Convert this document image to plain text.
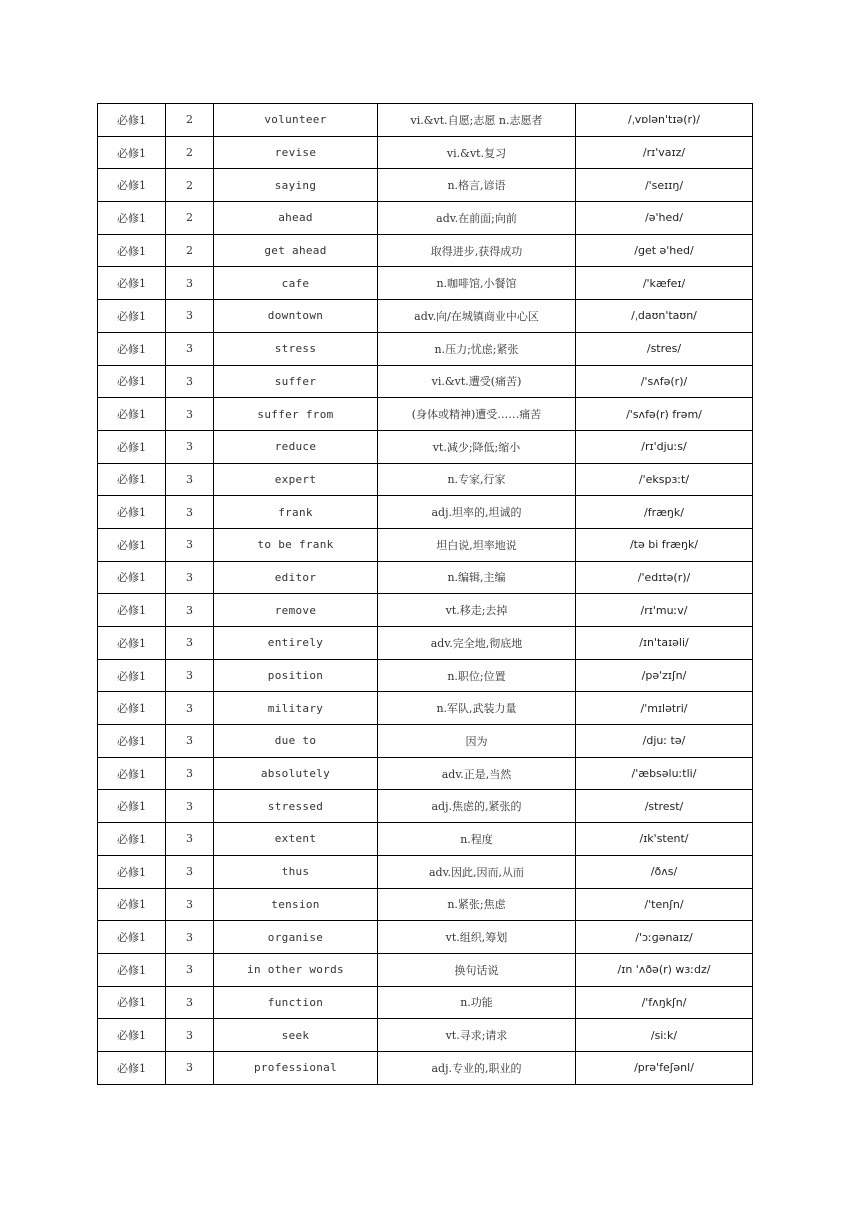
必修1	2	volunteer	vi.&vt.自愿;志愿 n.志愿者	/ˌvɒlən'tɪə(r)/
必修1	2	revise	vi.&vt.复习	/rɪ'vaɪz/
必修1	2	saying	n.格言,谚语	/'seɪɪŋ/
必修1	2	ahead	adv.在前面;向前	/ə'hed/
必修1	2	get ahead	取得进步,获得成功	/ɡet ə'hed/
必修1	3	cafe	n.咖啡馆,小餐馆	/'kæfeɪ/
必修1	3	downtown	adv.向/在城镇商业中心区	/ˌdaʊn'taʊn/
必修1	3	stress	n.压力;忧虑;紧张	/stres/
必修1	3	suffer	vi.&vt.遭受(痛苦)	/'sʌfə(r)/
必修1	3	suffer from	(身体或精神)遭受……痛苦	/'sʌfə(r) frəm/
必修1	3	reduce	vt.减少;降低;缩小	/rɪ'djuːs/
必修1	3	expert	n.专家,行家	/'ekspɜːt/
必修1	3	frank	adj.坦率的,坦诚的	/fræŋk/
必修1	3	to be frank	坦白说,坦率地说	/tə bi fræŋk/
必修1	3	editor	n.编辑,主编	/'edɪtə(r)/
必修1	3	remove	vt.移走;去掉	/rɪ'muːv/
必修1	3	entirely	adv.完全地,彻底地	/ɪn'taɪəli/
必修1	3	position	n.职位;位置	/pə'zɪʃn/
必修1	3	military	n.军队,武装力量	/'mɪlətri/
必修1	3	due to	因为	/djuː tə/
必修1	3	absolutely	adv.正是,当然	/'æbsəluːtli/
必修1	3	stressed	adj.焦虑的,紧张的	/strest/
必修1	3	extent	n.程度	/ɪk'stent/
必修1	3	thus	adv.因此,因而,从而	/ðʌs/
必修1	3	tension	n.紧张;焦虑	/'tenʃn/
必修1	3	organise	vt.组织,筹划	/'ɔːɡənaɪz/
必修1	3	in other words	换句话说	/ɪn 'ʌðə(r) wɜːdz/
必修1	3	function	n.功能	/'fʌŋkʃn/
必修1	3	seek	vt.寻求;请求	/siːk/
必修1	3	professional	adj.专业的,职业的	/prə'feʃənl/
